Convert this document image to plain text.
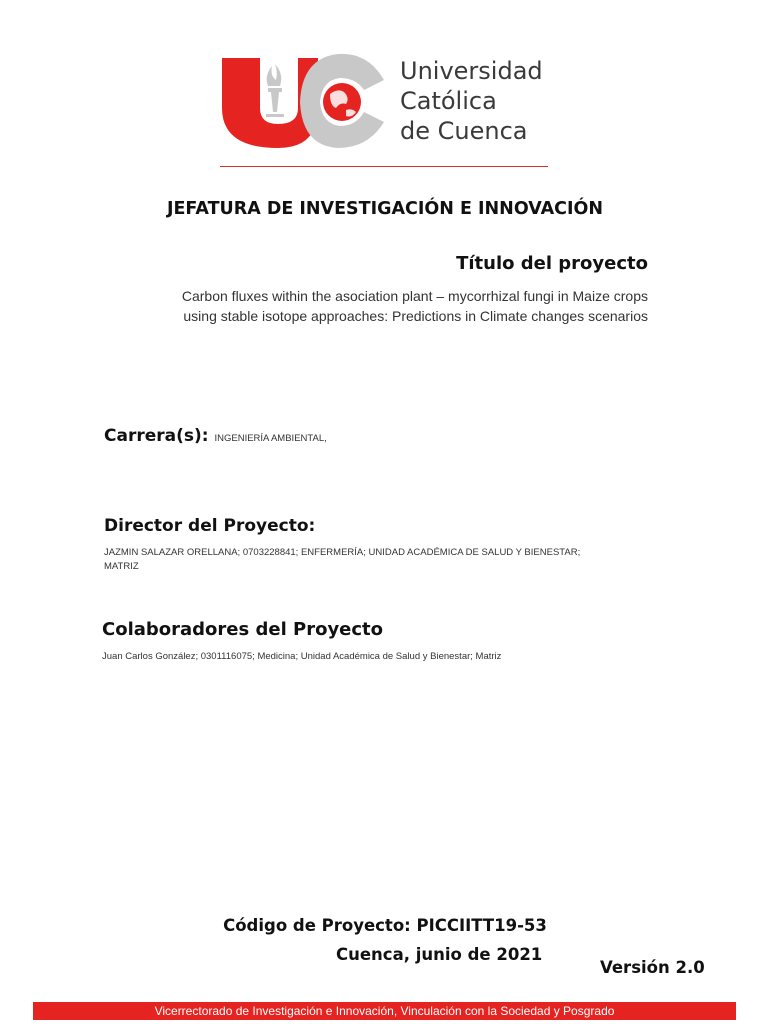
Universidad
Católica
de Cuenca
JEFATURA DE INVESTIGACIÓN E INNOVACIÓN
Título del proyecto
Carbon fluxes within the asociation plant – mycorrhizal fungi in Maize crops
using stable isotope approaches: Predictions in Climate changes scenarios
Carrera(s): INGENIERÍA AMBIENTAL,
Director del Proyecto:
JAZMIN SALAZAR ORELLANA; 0703228841; ENFERMERÍA; UNIDAD ACADÉMICA DE SALUD Y BIENESTAR;
MATRIZ
Colaboradores del Proyecto
Juan Carlos González; 0301116075; Medicina; Unidad Académica de Salud y Bienestar; Matriz
Código de Proyecto: PICCIITT19-53
Cuenca, junio de 2021
Versión 2.0
Vicerrectorado de Investigación e Innovación, Vinculación con la Sociedad y Posgrado
